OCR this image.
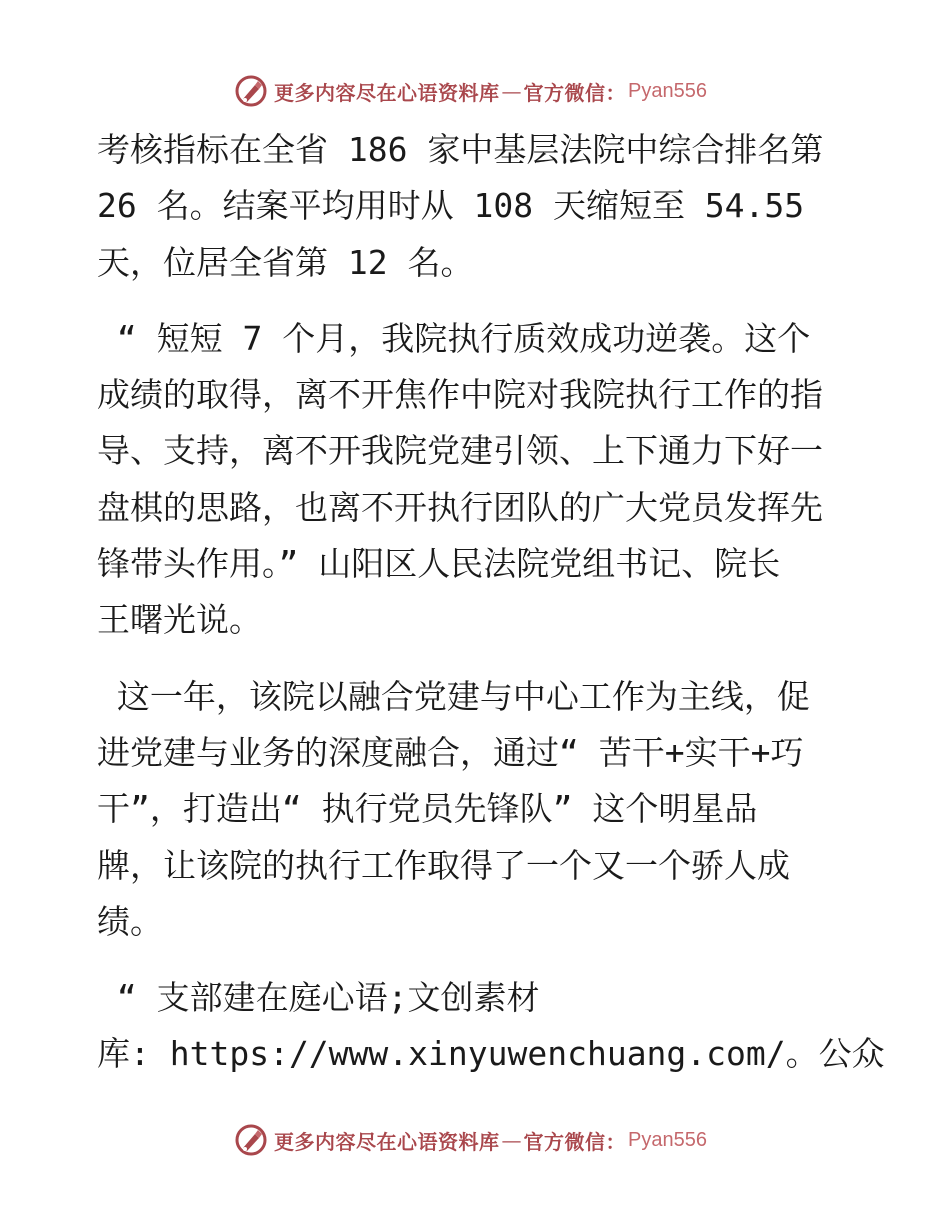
更多内容尽在心语资料库 — 官方微信： Pyan556

考核指标在全省 186 家中基层法院中综合排名第
26 名。结案平均用时从 108 天缩短至 54.55
天，位居全省第 12 名。

“ 短短 7 个月，我院执行质效成功逆袭。这个
成绩的取得，离不开焦作中院对我院执行工作的指
导、支持，离不开我院党建引领、上下通力下好一
盘棋的思路，也离不开执行团队的广大党员发挥先
锋带头作用。” 山阳区人民法院党组书记、院长
王曙光说。

这一年，该院以融合党建与中心工作为主线，促
进党建与业务的深度融合，通过“ 苦干+实干+巧
干”，打造出“ 执行党员先锋队” 这个明星品
牌，让该院的执行工作取得了一个又一个骄人成
绩。

“ 支部建在庭心语;文创素材
库: https://www.xinyuwenchuang.com/。公众

更多内容尽在心语资料库 — 官方微信： Pyan556
